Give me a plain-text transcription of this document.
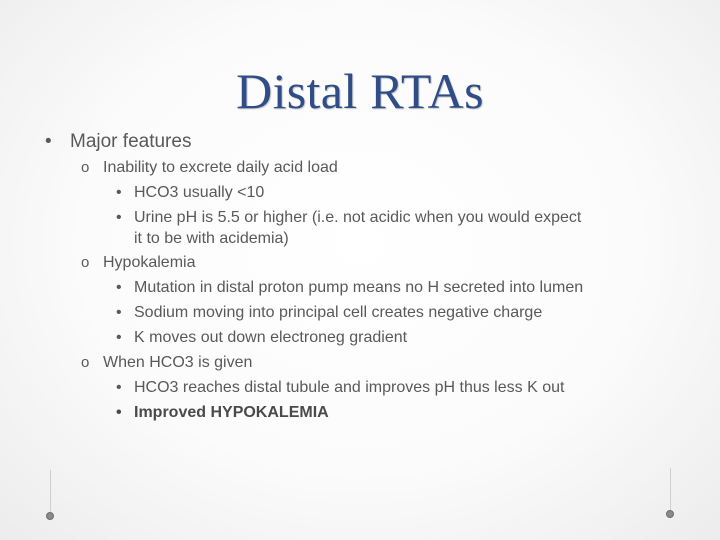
Distal RTAs
• Major features
o Inability to excrete daily acid load
• HCO3 usually <10
• Urine pH is 5.5 or higher (i.e. not acidic when you would expect
it to be with acidemia)
o Hypokalemia
• Mutation in distal proton pump means no H secreted into lumen
• Sodium moving into principal cell creates negative charge
• K moves out down electroneg gradient
o When HCO3 is given
• HCO3 reaches distal tubule and improves pH thus less K out
• Improved HYPOKALEMIA
